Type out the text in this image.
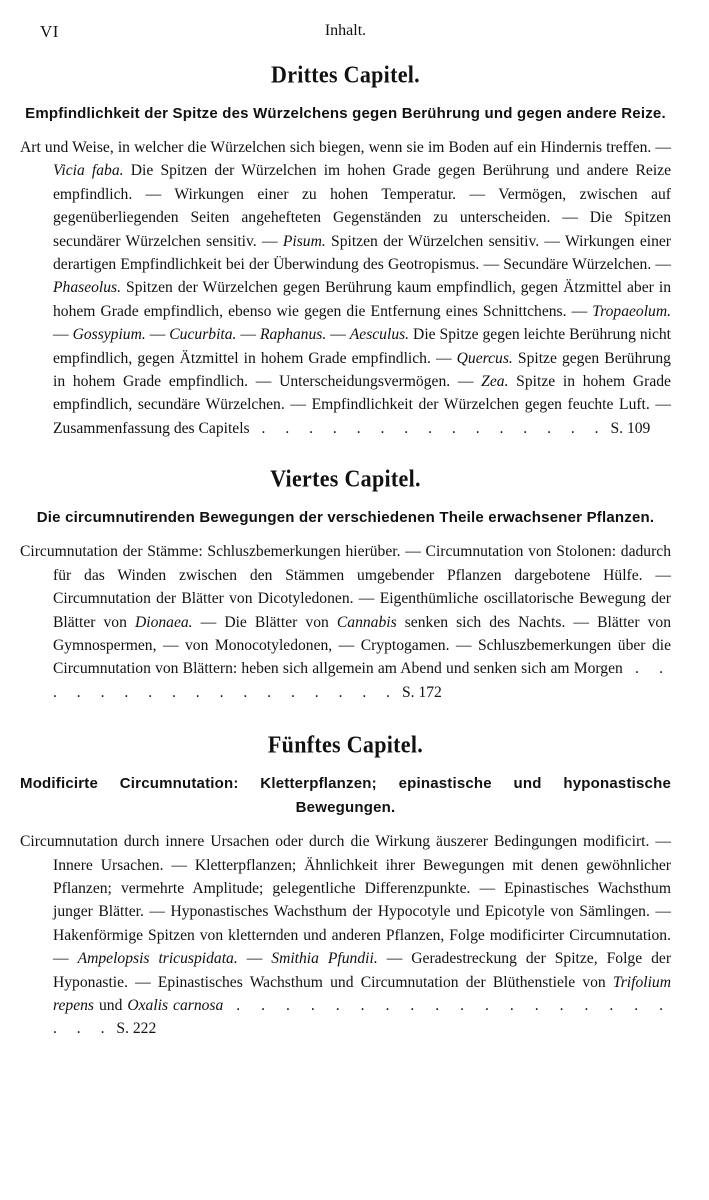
VI	Inhalt.
Drittes Capitel.
Empfindlichkeit der Spitze des Würzelchens gegen Berührung und gegen andere Reize.

Art und Weise, in welcher die Würzelchen sich biegen, wenn sie im Boden auf ein Hindernis treffen. — Vicia faba. Die Spitzen der Würzelchen im hohen Grade gegen Berührung und andere Reize empfindlich. — Wirkungen einer zu hohen Temperatur. — Vermögen, zwischen auf gegenüberliegenden Seiten angehefteten Gegenständen zu unterscheiden. — Die Spitzen secundärer Würzelchen sensitiv. — Pisum. Spitzen der Würzelchen sensitiv. — Wirkungen einer derartigen Empfindlichkeit bei der Überwindung des Geotropismus. — Secundäre Würzelchen. — Phaseolus. Spitzen der Würzelchen gegen Berührung kaum empfindlich, gegen Ätzmittel aber in hohem Grade empfindlich, ebenso wie gegen die Entfernung eines Schnittchens. — Tropaeolum. — Gossypium. — Cucurbita. — Raphanus. — Aesculus. Die Spitze gegen leichte Berührung nicht empfindlich, gegen Ätzmittel in hohem Grade empfindlich. — Quercus. Spitze gegen Berührung in hohem Grade empfindlich. — Unterscheidungsvermögen. — Zea. Spitze in hohem Grade empfindlich, secundäre Würzelchen. — Empfindlichkeit der Würzelchen gegen feuchte Luft. — Zusammenfassung des Capitels . . . . . . . . . . . . . . . S. 109

Viertes Capitel.
Die circumnutirenden Bewegungen der verschiedenen Theile erwachsener Pflanzen.

Circumnutation der Stämme: Schluszbemerkungen hierüber. — Circumnutation von Stolonen: dadurch für das Winden zwischen den Stämmen umgebender Pflanzen dargebotene Hülfe. — Circumnutation der Blätter von Dicotyledonen. — Eigenthümliche oscillatorische Bewegung der Blätter von Dionaea. — Die Blätter von Cannabis senken sich des Nachts. — Blätter von Gymnospermen, — von Monocotyledonen, — Cryptogamen. — Schluszbemerkungen über die Circumnutation von Blättern: heben sich allgemein am Abend und senken sich am Morgen . . . . . . . . . . . . . . . . . S. 172

Fünftes Capitel.
Modificirte Circumnutation: Kletterpflanzen; epinastische und hyponastische Bewegungen.

Circumnutation durch innere Ursachen oder durch die Wirkung äuszerer Bedingungen modificirt. — Innere Ursachen. — Kletterpflanzen; Ähnlichkeit ihrer Bewegungen mit denen gewöhnlicher Pflanzen; vermehrte Amplitude; gelegentliche Differenzpunkte. — Epinastisches Wachsthum junger Blätter. — Hyponastisches Wachsthum der Hypocotyle und Epicotyle von Sämlingen. — Hakenförmige Spitzen von kletternden und anderen Pflanzen, Folge modificirter Circumnutation. — Ampelopsis tricuspidata. — Smithia Pfundii. — Geradestreckung der Spitze, Folge der Hyponastie. — Epinastisches Wachsthum und Circumnutation der Blüthenstiele von Trifolium repens und Oxalis carnosa . . . . . . . . . . . . . . . . . . . . . S. 222
